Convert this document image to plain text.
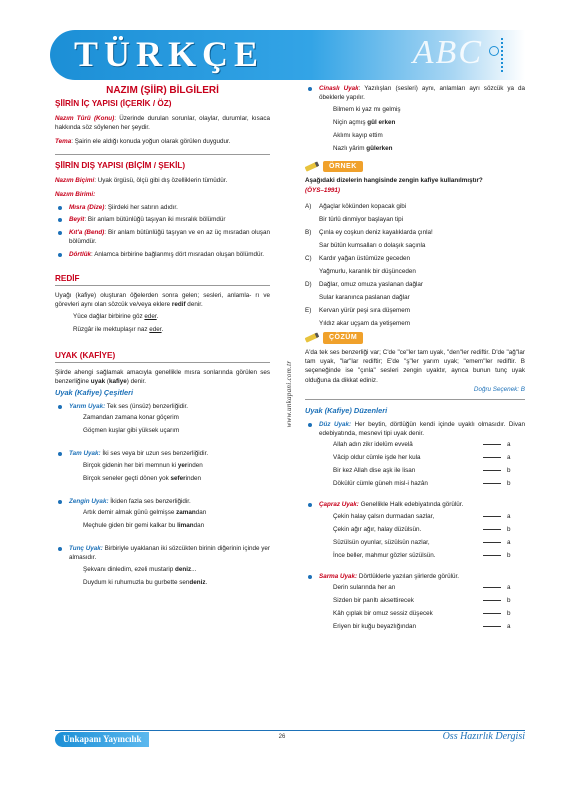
TÜRKÇE	ABC
NAZIM (ŞİİR) BİLGİLERİ
ŞİİRİN İÇ YAPISI (İÇERİK / ÖZ)

Nazım Türü (Konu): Üzerinde durulan sorunlar, olaylar, durumlar, kısaca hakkında söz söylenen her şeydir.

Tema: Şairin ele aldığı konuda yoğun olarak görülen duygudur.

ŞİİRİN DIŞ YAPISI (BİÇİM / ŞEKİL)

Nazım Biçimi: Uyak örgüsü, ölçü gibi dış özelliklerin tümüdür.

Nazım Birimi:

Mısra (Dize): Şiirdeki her satırın adıdır.
Beyit: Bir anlam bütünlüğü taşıyan iki mısralık bölümdür
Kıt'a (Bend): Bir anlam bütünlüğü taşıyan ve en az üç mısradan oluşan bölümdür.
Dörtlük: Anlamca birbirine bağlanmış dört mısradan oluşan bölümdür.
REDİF

Uyağı (kafiye) oluşturan öğelerden sonra gelen; sesleri, anlamla- rı ve görevleri aynı olan sözcük ve/veya eklere redif denir.

Yüce dağlar birbirine göz eder.
Rüzgâr ile mektuplaşır naz eder.
UYAK (KAFİYE)

Şiirde ahengi sağlamak amacıyla genellikle mısra sonlarında görülen ses benzerliğine uyak (kafiye) denir.

Uyak (Kafiye) Çeşitleri
Yarım Uyak: Tek ses (ünsüz) benzerliğidir.
Zamandan zamana konar göçerim
Göçmen kuşlar gibi yüksek uçarım
Tam Uyak: İki ses veya bir uzun ses benzerliğidir.
Birçok gidenin her biri memnun ki yerinden
Birçok seneler geçti dönen yok seferinden
Zengin Uyak: İkiden fazla ses benzerliğidir.
Artık demir almak günü gelmişse zamandan
Meçhule giden bir gemi kalkar bu limandan
Tunç Uyak: Birbiriyle uyaklanan iki sözcükten birinin diğerinin içinde yer almasıdır.
Şekvanı dinledim, ezeli mustarip deniz...
Duydum ki ruhumuzla bu gurbette sendeniz.
www.unkapani.com.tr
Cinaslı Uyak: Yazılışları (sesleri) aynı, anlamları ayrı sözcük ya da öbeklerle yapılır.
Bilmem ki yaz mı gelmiş
Niçin açmış gül erken
Aklımı kayıp ettim
Nazlı yârim gülerken
ÖRNEK
Aşağıdaki dizelerin hangisinde zengin kafiye kullanılmıştır?
(ÖYS–1991)
A)	Ağaçlar kökünden kopacak gibi
Bir türlü dinmiyor başlayan tipi
B)	Çınla ey coşkun deniz kayalıklarda çınla!
Sar bütün kumsalları o dolaşık saçınla
C)	Kardır yağan üstümüze geceden
Yağmurlu, karanlık bir düşünceden
D)	Dağlar, omuz omuza yaslanan dağlar
Sular karanınca paslanan dağlar
E)	Kervan yürür peşi sıra düşemem
Yıldız akar uçşam da yetişemem
ÇÖZÜM

A'da tek ses benzerliği var; C'de "ce"ler tam uyak, "den"ler rediftir. D'de "ağ"lar tam uyak, "lar"lar rediftir; E'de "ş"ler yarım uyak; "emem"ler rediftir. B seçeneğinde ise "çınla" sesleri zengin uyaktır, ayrıca bunun tunç uyak olduğuna da dikkat ediniz.

Doğru Seçenek: B
Uyak (Kafiye) Düzenleri
Düz Uyak: Her beytin, dörtlüğün kendi içinde uyaklı olmasıdır. Divan edebiyatında, mesnevi tipi uyak denir.
Allah adın zikr idelüm evvelâ		a
Vâcip oldur cümle işde her kula		a
Bir kez Allah dise aşk ile lisan		b
Dökülür cümle güneh misl-i hazân		b
Çapraz Uyak: Genellikle Halk edebiyatında görülür.
Çekin halay çalsın durmadan sazlar,		a
Çekin ağır ağır, halay düzülsün.		b
Süzülsün oyunlar, süzülsün nazlar,		a
İnce beller, mahmur gözler süzülsün.		b
Sarma Uyak: Dörtlüklerle yazılan şiirlerde görülür.
Derin sularında her an		a
Sizden bir parıltı aksettirecek		b
Kâh çıplak bir omuz sessiz düşecek		b
Eriyen bir kuğu beyazlığından		a
Unkapanı Yayıncılık	26	Öss Hazırlık Dergisi
